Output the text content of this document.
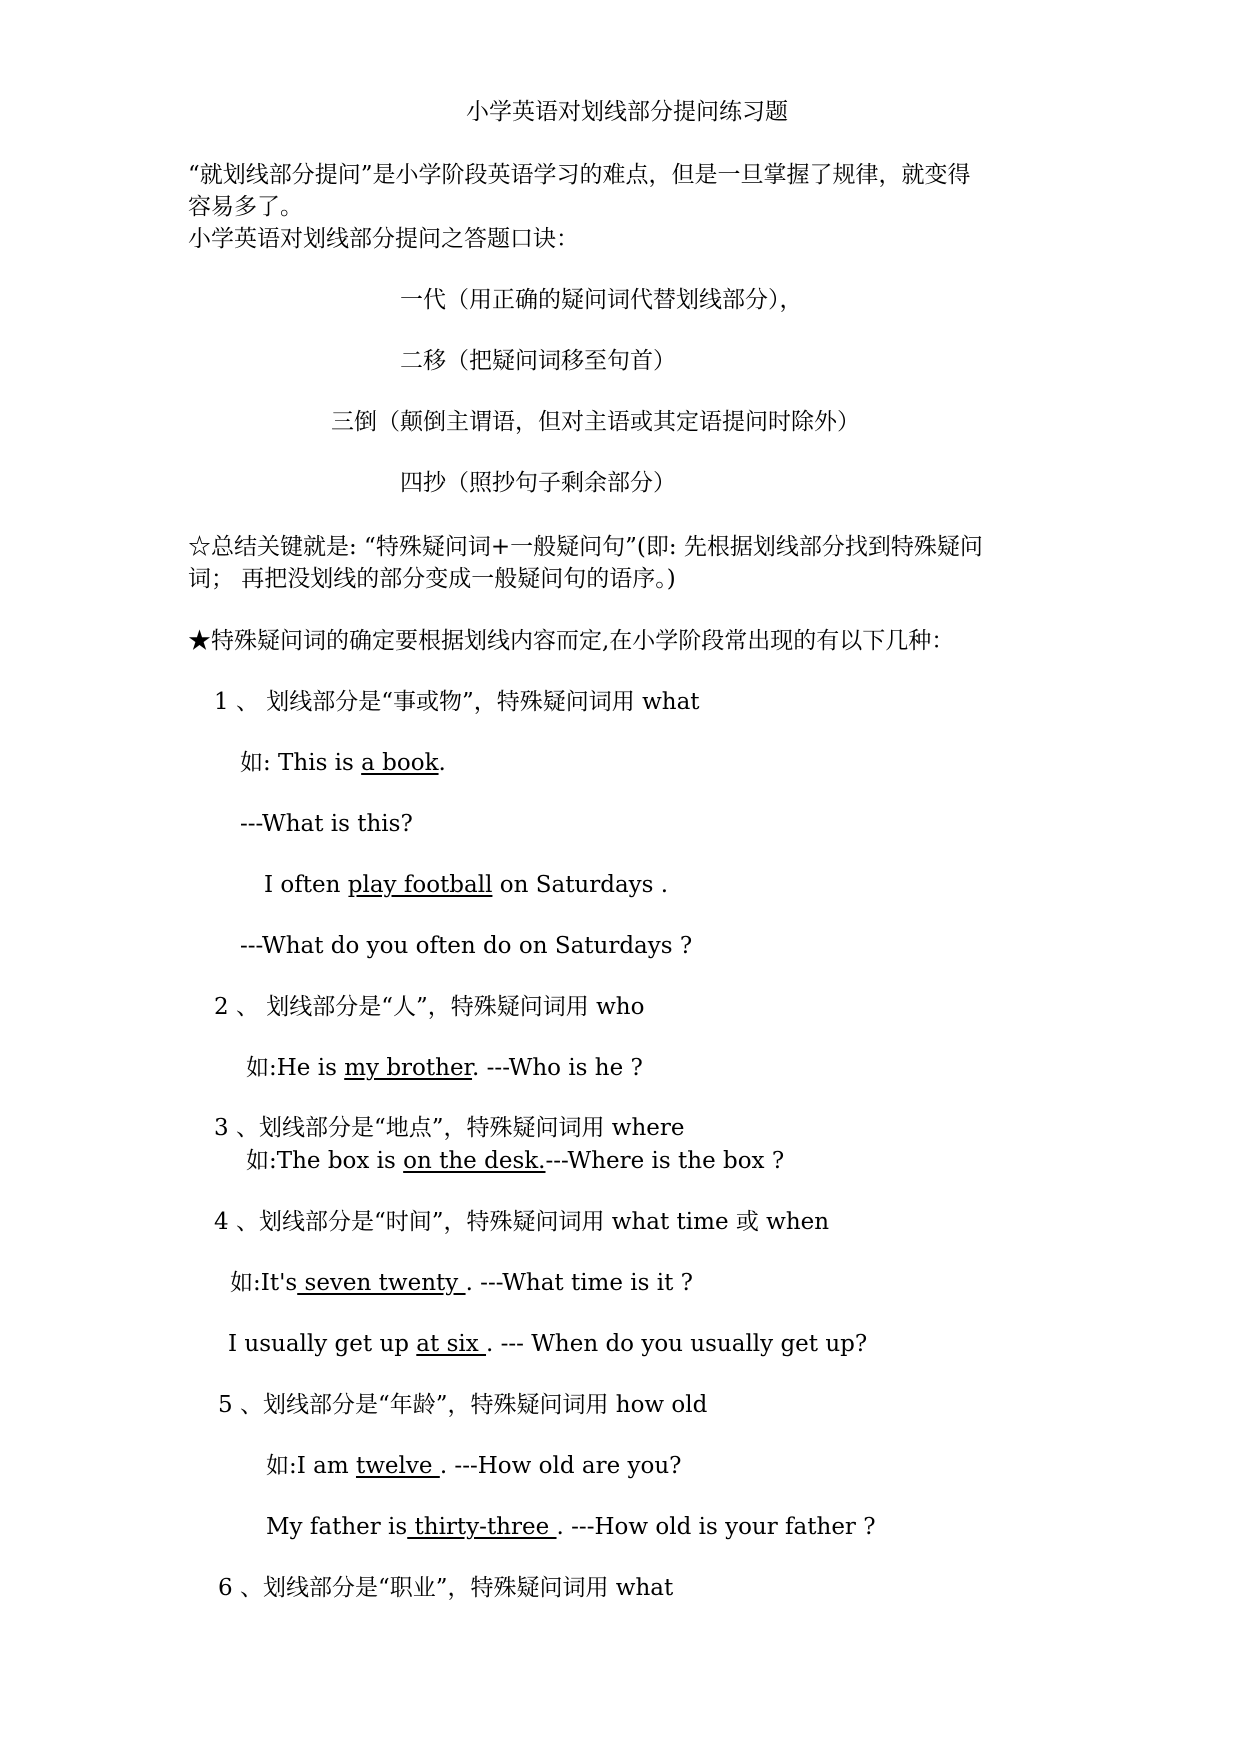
小学英语对划线部分提问练习题
“就划线部分提问”是小学阶段英语学习的难点，但是一旦掌握了规律，就变得
容易多了。
小学英语对划线部分提问之答题口诀：
一代（用正确的疑问词代替划线部分），
二移（把疑问词移至句首）
三倒（颠倒主谓语，但对主语或其定语提问时除外）
四抄（照抄句子剩余部分）
☆总结关键就是: “特殊疑问词+一般疑问句”(即: 先根据划线部分找到特殊疑问
词； 再把没划线的部分变成一般疑问句的语序。)
★特殊疑问词的确定要根据划线内容而定,在小学阶段常出现的有以下几种：
1 、 划线部分是“事或物”，特殊疑问词用 what
如: This is a book.
---What is this?
I often play football on Saturdays .
---What do you often do on Saturdays ?
2 、 划线部分是“人”，特殊疑问词用 who
如:He is my brother. ---Who is he ?
3 、划线部分是“地点”，特殊疑问词用 where
如:The box is on the desk.---Where is the box ?
4 、划线部分是“时间”，特殊疑问词用 what time 或 when
如:It's seven twenty . ---What time is it ?
I usually get up at six . --- When do you usually get up?
5 、划线部分是“年龄”，特殊疑问词用 how old
如:I am twelve . ---How old are you?
My father is thirty-three . ---How old is your father ?
6 、划线部分是“职业”，特殊疑问词用 what
